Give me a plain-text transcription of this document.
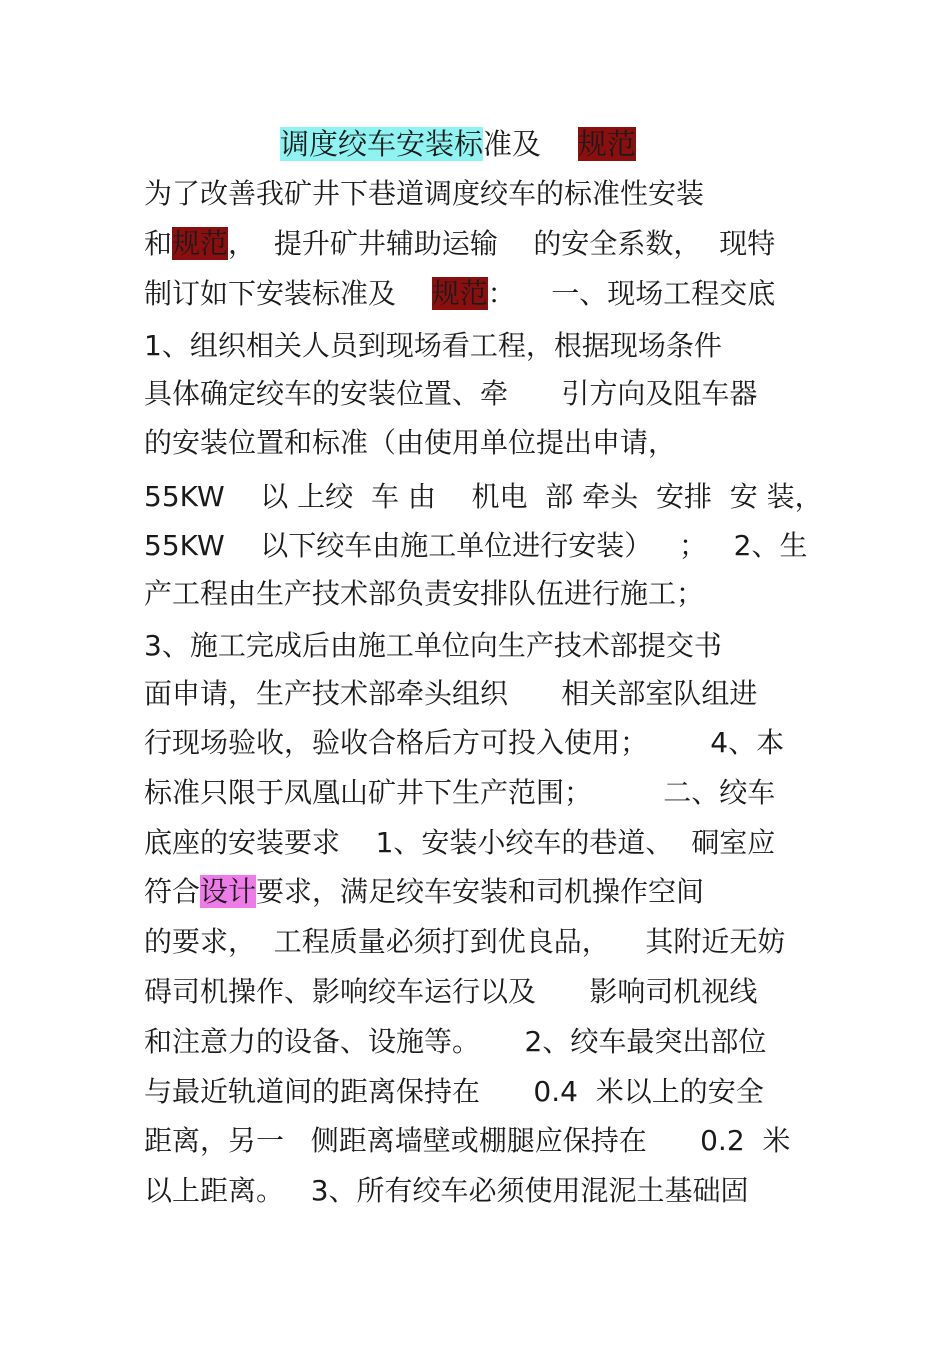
调度绞车安装标准及    规范
为了改善我矿井下巷道调度绞车的标准性安装
和规范，  提升矿井辅助运输    的安全系数，  现特
制订如下安装标准及    规范：    一、现场工程交底
1、组织相关人员到现场看工程，根据现场条件
具体确定绞车的安装位置、牵      引方向及阻车器
的安装位置和标准（由使用单位提出申请，
55KW    以 上绞  车 由    机电  部 牵头  安排  安 装，
55KW    以下绞车由施工单位进行安装）   ；   2、生
产工程由生产技术部负责安排队伍进行施工；
3、施工完成后由施工单位向生产技术部提交书
面申请，生产技术部牵头组织      相关部室队组进
行现场验收，验收合格后方可投入使用；       4、本
标准只限于凤凰山矿井下生产范围；        二、绞车
底座的安装要求    1、安装小绞车的巷道、  硐室应
符合设计要求，满足绞车安装和司机操作空间
的要求，  工程质量必须打到优良品，    其附近无妨
碍司机操作、影响绞车运行以及      影响司机视线
和注意力的设备、设施等。     2、绞车最突出部位
与最近轨道间的距离保持在      0.4  米以上的安全
距离，另一   侧距离墙壁或棚腿应保持在      0.2  米
以上距离。   3、所有绞车必须使用混泥土基础固
